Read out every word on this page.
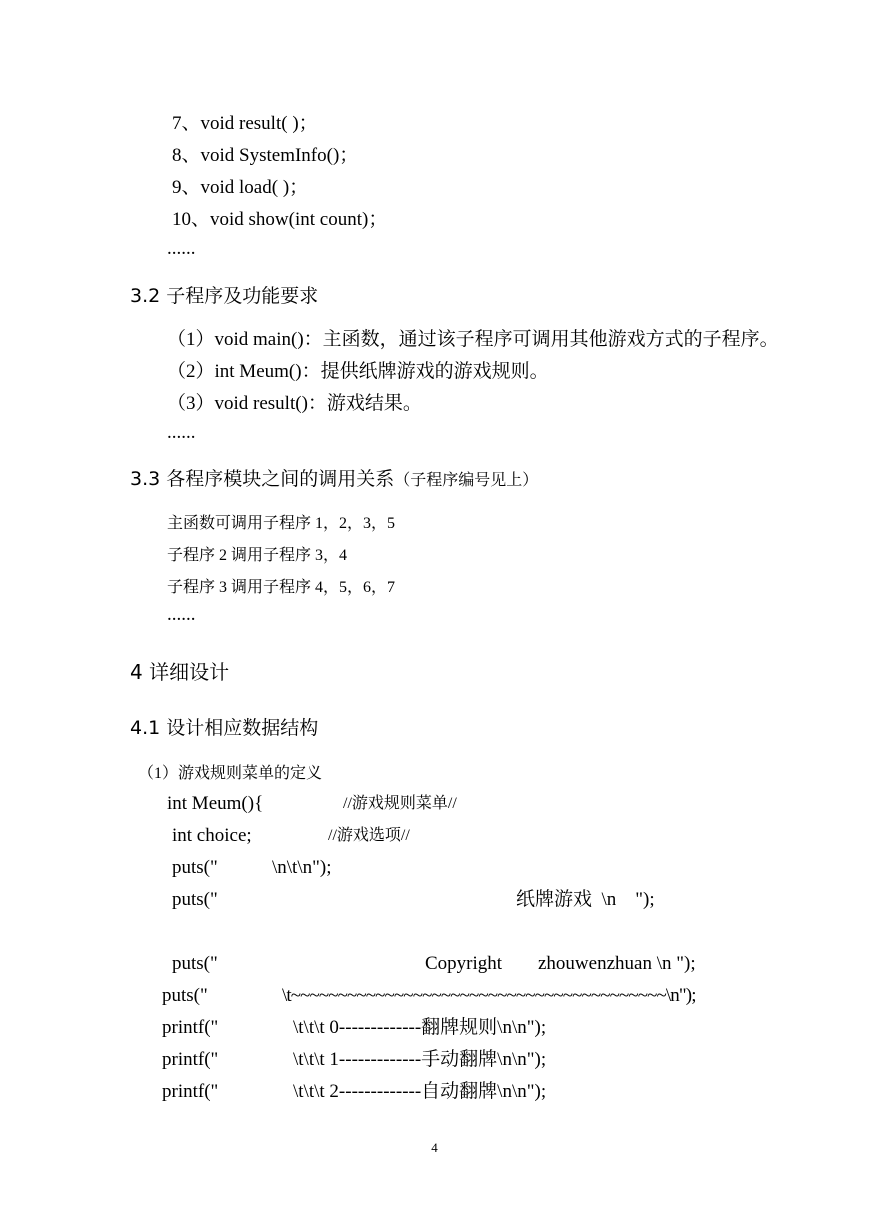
7、void result( )；
8、void SystemInfo()；
9、void load( )；
10、void show(int count)；
......
3.2 子程序及功能要求
（1）void main()：主函数，通过该子程序可调用其他游戏方式的子程序。
（2）int Meum()：提供纸牌游戏的游戏规则。
（3）void result()：游戏结果。
......
3.3 各程序模块之间的调用关系（子程序编号见上）
主函数可调用子程序 1，2，3，5
子程序 2 调用子程序 3，4
子程序 3 调用子程序 4，5，6，7
......
4 详细设计
4.1 设计相应数据结构
（1）游戏规则菜单的定义
int Meum(){	//游戏规则菜单//
int choice;	//游戏选项//
puts("	\n\t\n");
puts("	纸牌游戏  \n    ");
puts("	Copyright zhouwenzhuan \n ");
puts("	\t~~~~~~~~~~~~~~~~~~~~~~~~~~~~~~~~~~~~~~~~\n");
printf("	\t\t\t 0-------------翻牌规则\n\n");
printf("	\t\t\t 1-------------手动翻牌\n\n");
printf("	\t\t\t 2-------------自动翻牌\n\n");
4
